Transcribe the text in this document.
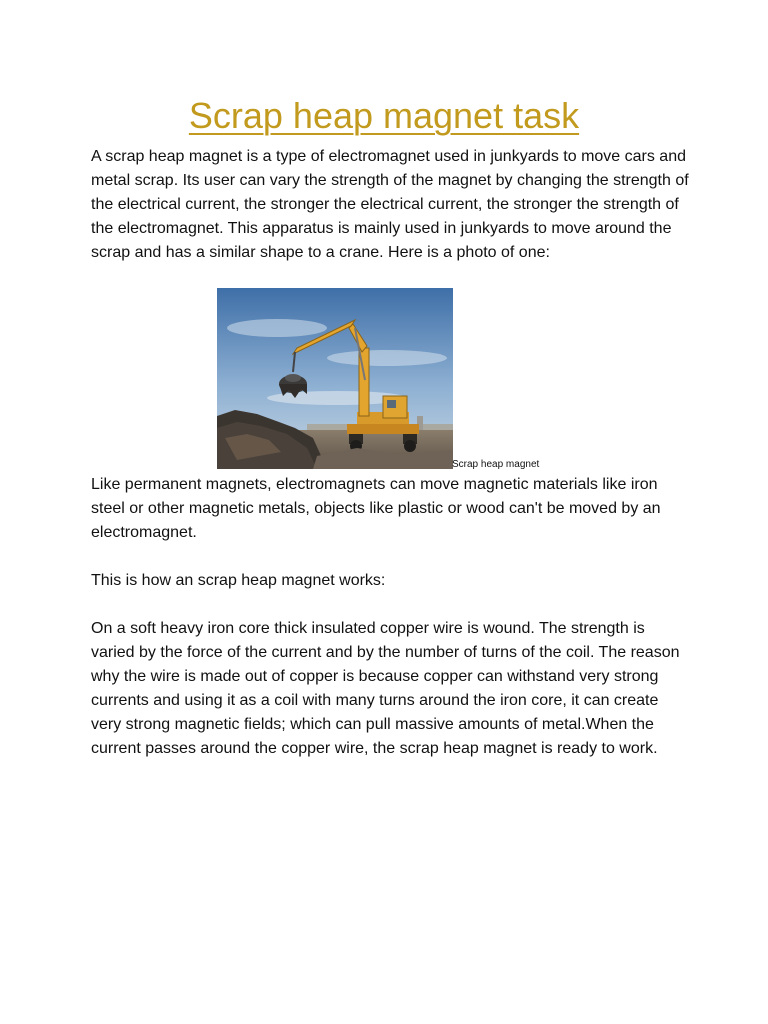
Scrap heap magnet task

A scrap heap magnet is a type of electromagnet used in junkyards to move cars and metal scrap. Its user can vary the strength of the magnet by changing the strength of the electrical current, the stronger the electrical current, the stronger the strength of the electromagnet. This apparatus is mainly used in junkyards to move around the scrap and has a similar shape to a crane. Here is a photo of one:

Scrap heap magnet

Like permanent magnets, electromagnets can move magnetic materials like iron steel or other magnetic metals, objects like plastic or wood can't be moved by an electromagnet.

This is how an scrap heap magnet works:

On a soft heavy iron core thick insulated copper wire is wound. The strength is varied by the force of the current and by the number of turns of the coil. The reason why the wire is made out of copper is because copper can withstand very strong currents and using it as a coil with many turns around the iron core, it can create very strong magnetic fields; which can pull massive amounts of metal.When the current passes around the copper wire, the scrap heap magnet is ready to work.
